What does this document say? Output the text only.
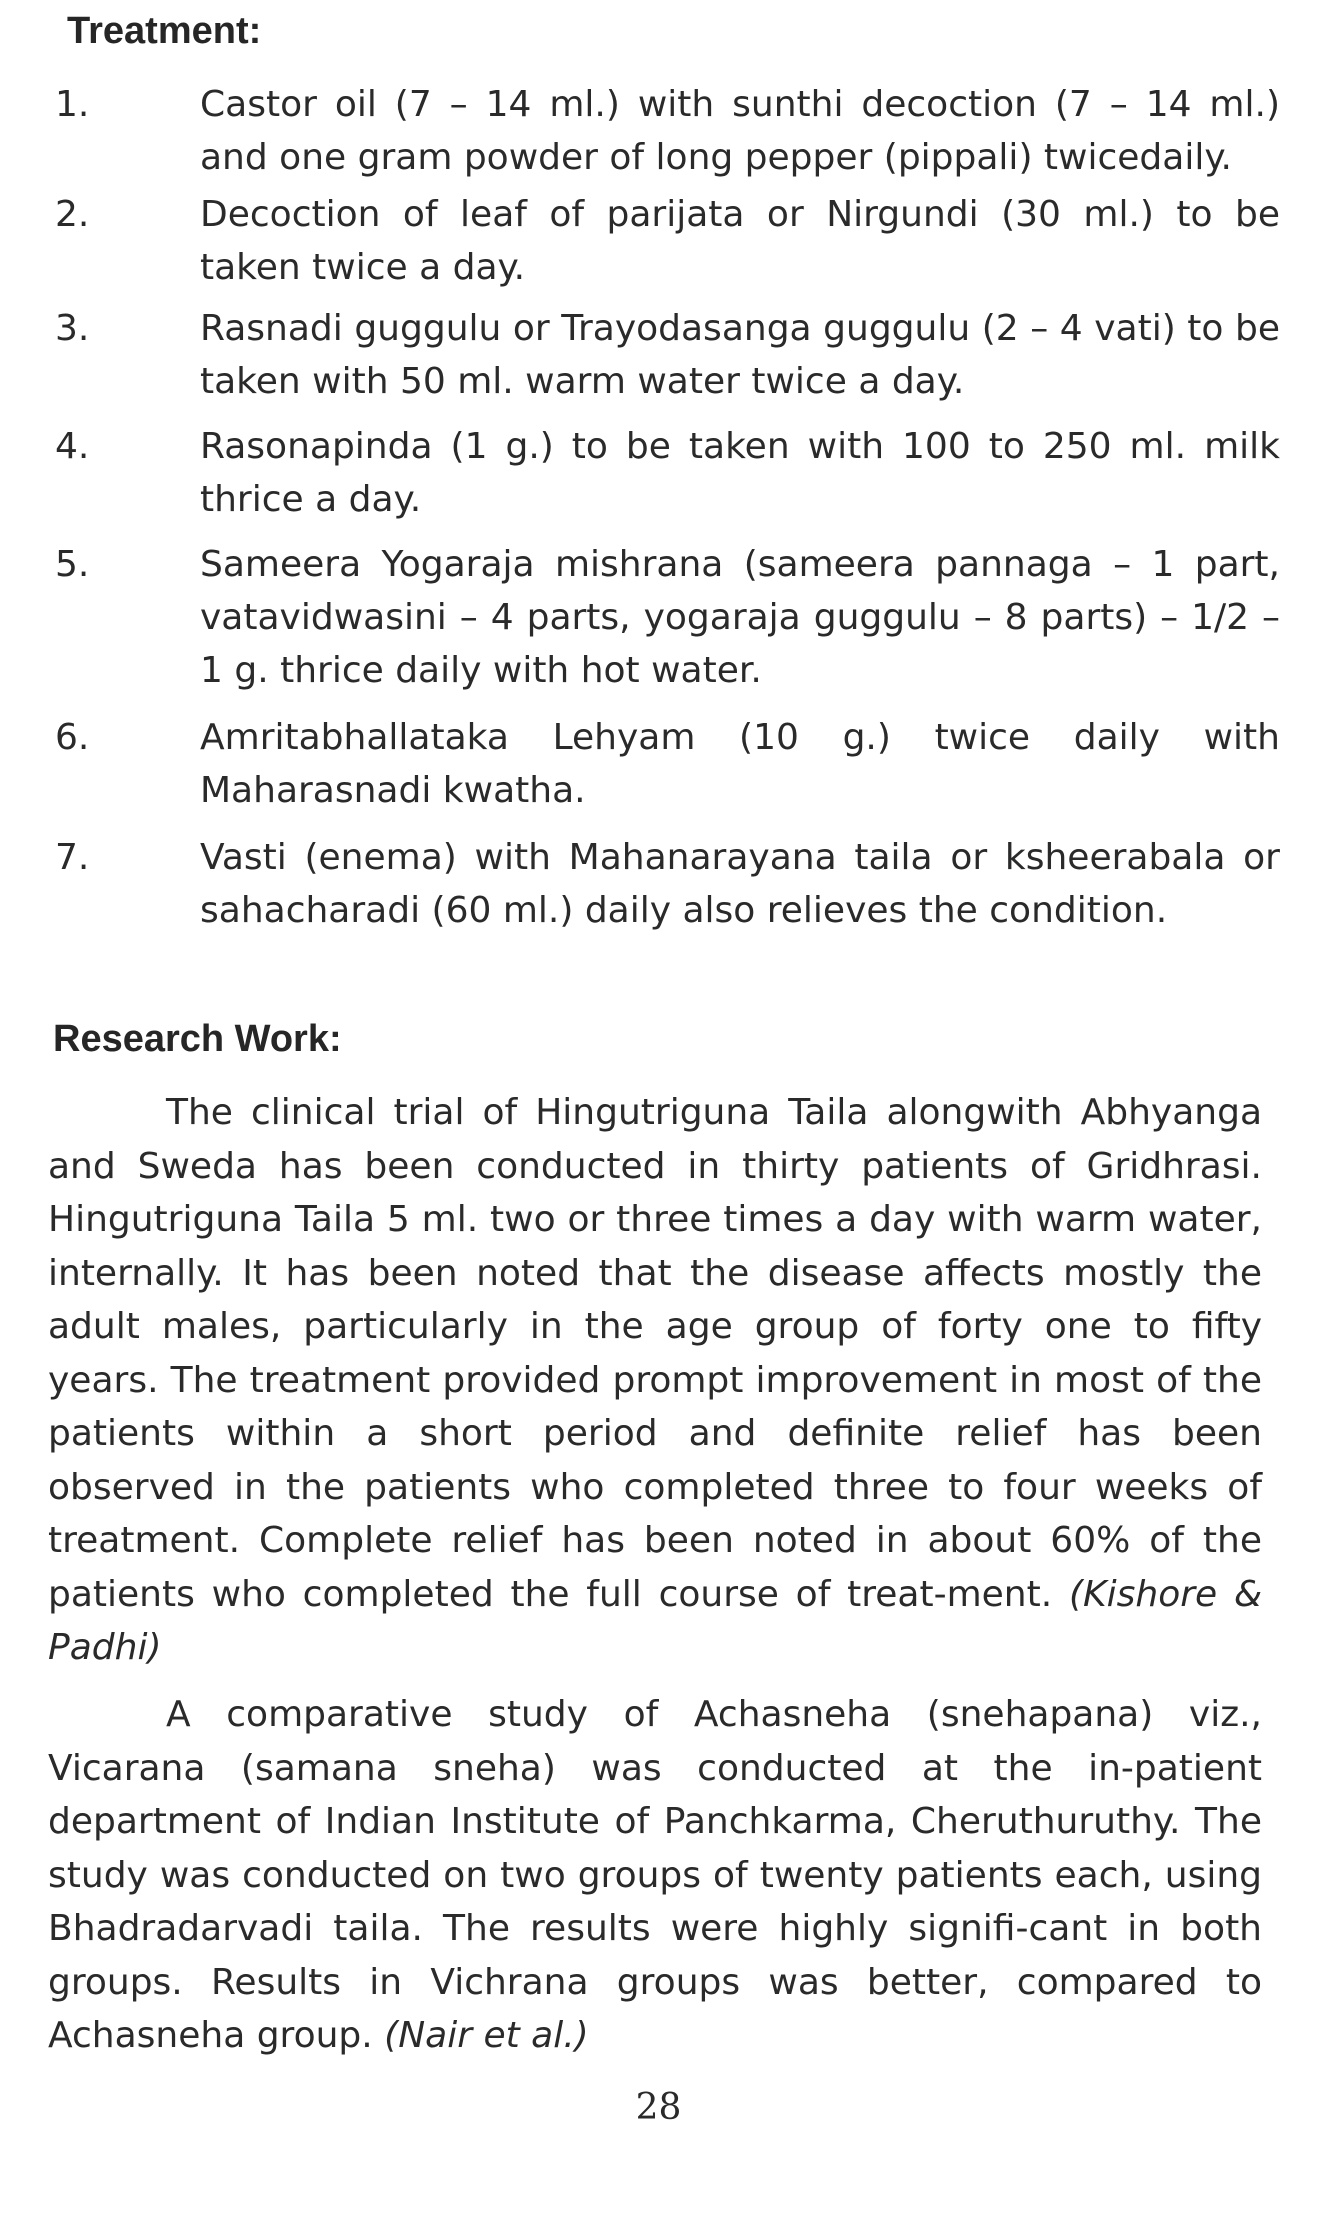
Treatment:
1.	Castor oil (7 – 14 ml.) with sunthi decoction (7 – 14 ml.) and one gram powder of long pepper (pippali) twicedaily.
2.	Decoction of leaf of parijata or Nirgundi (30 ml.) to be taken twice a day.
3.	Rasnadi guggulu or Trayodasanga guggulu (2 – 4 vati) to be taken with 50 ml. warm water twice a day.
4.	Rasonapinda (1 g.) to be taken with 100 to 250 ml. milk thrice a day.
5.	Sameera Yogaraja mishrana (sameera pannaga – 1 part, vatavidwasini – 4 parts, yogaraja guggulu – 8 parts) – 1/2 – 1 g. thrice daily with hot water.
6.	Amritabhallataka Lehyam (10 g.) twice daily with Maharasnadi kwatha.
7.	Vasti (enema) with Mahanarayana taila or ksheerabala or sahacharadi (60 ml.) daily also relieves the condition.
Research Work:

The clinical trial of Hingutriguna Taila alongwith Abhyanga and Sweda has been conducted in thirty patients of Gridhrasi. Hingutriguna Taila 5 ml. two or three times a day with warm water, internally. It has been noted that the disease affects mostly the adult males, particularly in the age group of forty one to fifty years. The treatment provided prompt improvement in most of the patients within a short period and definite relief has been observed in the patients who completed three to four weeks of treatment. Complete relief has been noted in about 60% of the patients who completed the full course of treat-ment. (Kishore & Padhi)

A comparative study of Achasneha (snehapana) viz., Vicarana (samana sneha) was conducted at the in-patient department of Indian Institute of Panchkarma, Cheruthuruthy. The study was conducted on two groups of twenty patients each, using Bhadradarvadi taila. The results were highly signifi-cant in both groups. Results in Vichrana groups was better, compared to Achasneha group. (Nair et al.)

28
